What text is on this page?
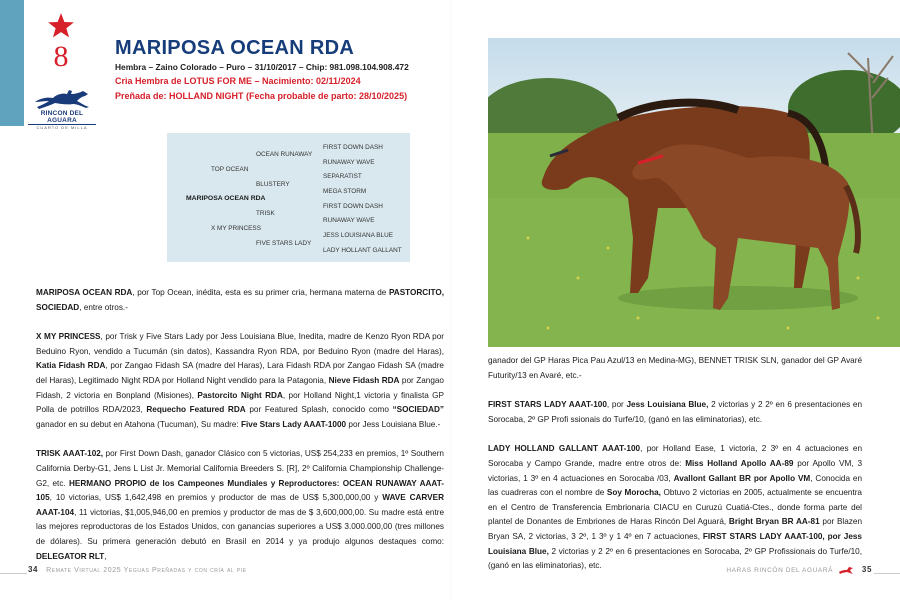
8
RINCON DEL AGUARA
CUARTO DE MILLA
MARIPOSA OCEAN RDA
Hembra – Zaino Colorado – Puro – 31/10/2017 – Chip: 981.098.104.908.472
Cria Hembra de LOTUS FOR ME – Nacimiento: 02/11/2024
Preñada de: HOLLAND NIGHT (Fecha probable de parto: 28/10/2025)
MARIPOSA OCEAN RDA
TOP OCEAN
X MY PRINCESS
OCEAN RUNAWAY
BLUSTERY
TRISK
FIVE STARS LADY
FIRST DOWN DASH
RUNAWAY WAVE
SEPARATIST
MEGA STORM
FIRST DOWN DASH
RUNAWAY WAVE
JESS LOUISIANA BLUE
LADY HOLLANT GALLANT

MARIPOSA OCEAN RDA, por Top Ocean, inédita, esta es su primer cria, hermana materna de PASTORCITO, SOCIEDAD, entre otros.-

X MY PRINCESS, por Trisk y Five Stars Lady por Jess Louisiana Blue, Inedita, madre de Kenzo Ryon RDA por Beduino Ryon, vendido a Tucumán (sin datos), Kassandra Ryon RDA, por Beduino Ryon (madre del Haras), Katia Fidash RDA, por Zangao Fidash SA (madre del Haras), Lara Fidash RDA por Zangao Fidash SA (madre del Haras), Legitimado Night RDA por Holland Night vendido para la Patagonia, Nieve Fidash RDA por Zangao Fidash, 2 victoria en Bonpland (Misiones), Pastorcito Night RDA, por Holland Night,1 victoria y finalista GP Polla de potrillos RDA/2023, Requecho Featured RDA por Featured Splash, conocido como “SOCIEDAD” ganador en su debut en Atahona (Tucuman), Su madre: Five Stars Lady AAAT-1000 por Jess Louisiana Blue.-

TRISK AAAT-102, por First Down Dash, ganador Clásico con 5 victorias, US$ 254,233 en premios, 1º Southern California Derby-G1, Jens L List Jr. Memorial California Breeders S. [R], 2º California Championship Challenge-G2, etc. HERMANO PROPIO de los Campeones Mundiales y Reproductores: OCEAN RUNAWAY AAAT-105, 10 victorias, US$ 1,642,498 en premios y productor de mas de US$ 5,300,000,00 y WAVE CARVER AAAT-104, 11 victorias, $1,005,946,00 en premios y productor de mas de $ 3,600,000,00. Su madre está entre las mejores reproductoras de los Estados Unidos, con ganancias superiores a US$ 3.000.000,00 (tres millones de dólares). Su primera generación debutó en Brasil en 2014 y ya produjo algunos destaques como: DELEGATOR RLT,

ganador del GP Haras Pica Pau Azul/13 en Medina-MG), BENNET TRISK SLN, ganador del GP Avaré Futurity/13 en Avaré, etc.-

FIRST STARS LADY AAAT-100, por Jess Louisiana Blue, 2 victorias y 2 2º en 6 presentaciones en Sorocaba, 2º GP Profi ssionais do Turfe/10, (ganó en las eliminatorias), etc.

LADY HOLLAND GALLANT AAAT-100, por Holland Ease, 1 victoria, 2 3º en 4 actuaciones en Sorocaba y Campo Grande, madre entre otros de: Miss Holland Apollo AA-89 por Apollo VM, 3 victorias, 1 3º en 4 actuaciones en Sorocaba /03, Avallont Gallant BR por Apollo VM, Conocida en las cuadreras con el nombre de Soy Morocha, Obtuvo 2 victorias en 2005, actualmente se encuentra en el Centro de Transferencia Embrionaria CIACU en Curuzú Cuatiá-Ctes., donde forma parte del plantel de Donantes de Embriones de Haras Rincón Del Aguará, Bright Bryan BR AA-81 por Blazen Bryan SA, 2 victorias, 3 2º, 1 3º y 1 4º en 7 actuaciones, FIRST STARS LADY AAAT-100, por Jess Louisiana Blue, 2 victorias y 2 2º en 6 presentaciones en Sorocaba, 2º GP Profissionais do Turfe/10, (ganó en las eliminatorias), etc.

34 Remate Virtual 2025 Yeguas Preñadas y con cría al pie	HARAS RINCÓN DEL AGUARÁ	35
